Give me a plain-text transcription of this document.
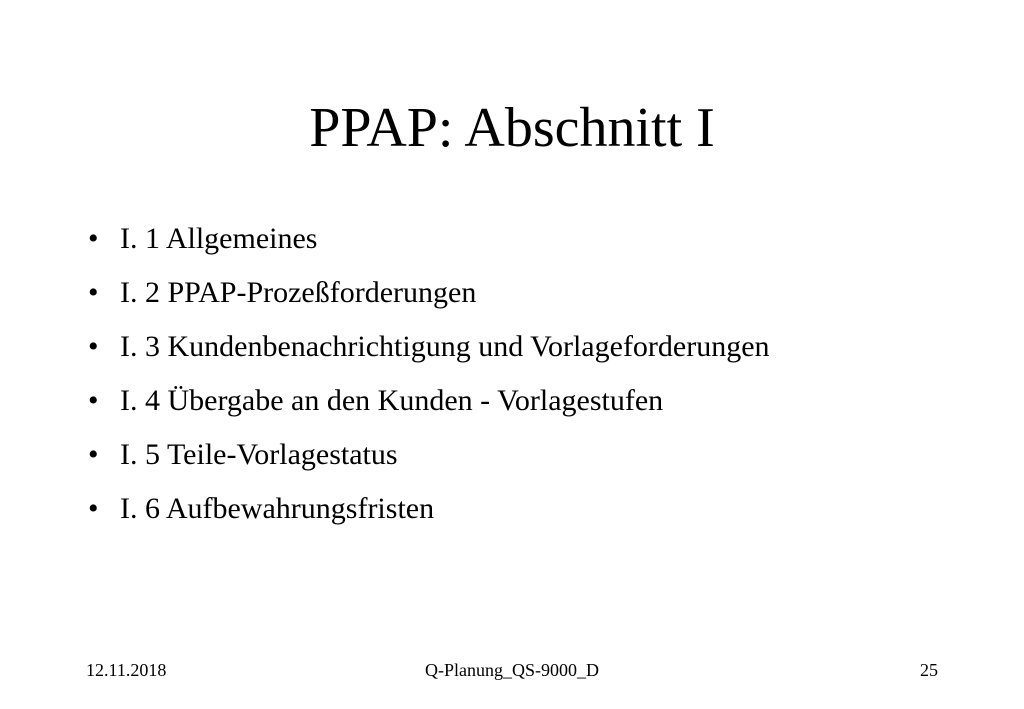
PPAP: Abschnitt I
• I. 1 Allgemeines
• I. 2 PPAP-Prozeßforderungen
• I. 3 Kundenbenachrichtigung und Vorlageforderungen
• I. 4 Übergabe an den Kunden - Vorlagestufen
• I. 5 Teile-Vorlagestatus
• I. 6 Aufbewahrungsfristen
12.11.2018	Q-Planung_QS-9000_D	25
